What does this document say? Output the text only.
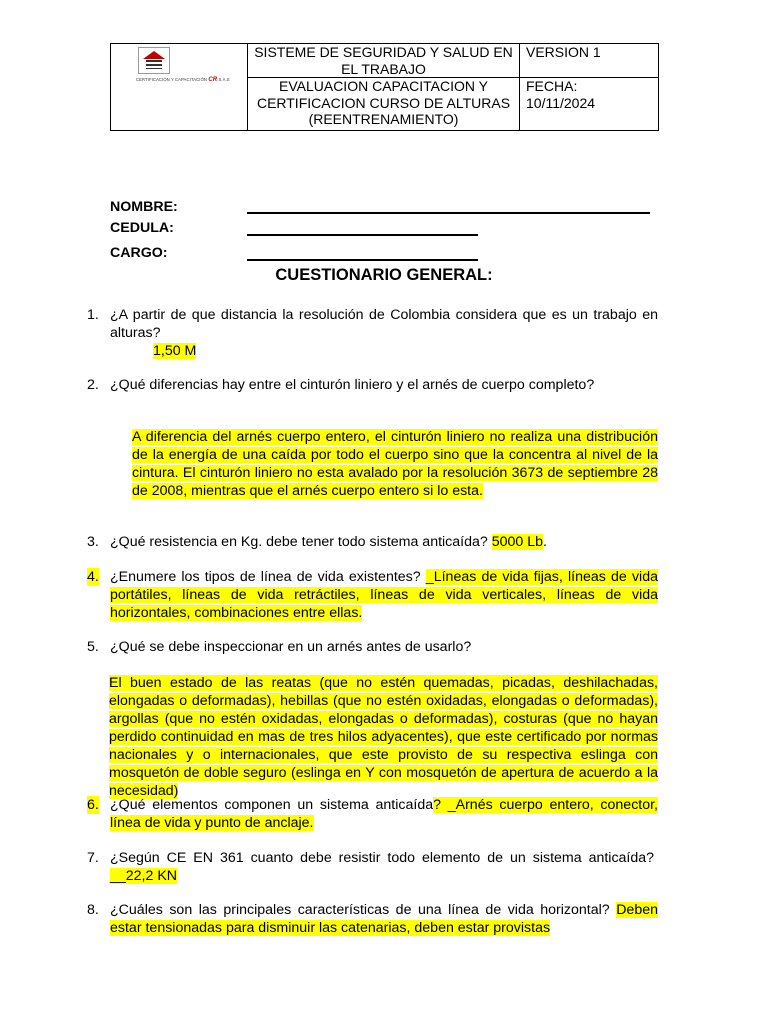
CERTIFICACIÓN Y CAPACITACIÓN CR S.A.S	SISTEME DE SEGURIDAD Y SALUD EN EL TRABAJO	VERSION 1
	EVALUACION CAPACITACION Y CERTIFICACION CURSO DE ALTURAS (REENTRENAMIENTO)	FECHA:
10/11/2024
NOMBRE:
CEDULA:
CARGO:
CUESTIONARIO GENERAL:
1. ¿A partir de que distancia la resolución de Colombia considera que es un trabajo en alturas?
1,50 M
2. ¿Qué diferencias hay entre el cinturón liniero y el arnés de cuerpo completo?
A diferencia del arnés cuerpo entero, el cinturón liniero no realiza una distribución de la energía de una caída por todo el cuerpo sino que la concentra al nivel de la cintura. El cinturón liniero no esta avalado por la resolución 3673 de septiembre 28 de 2008, mientras que el arnés cuerpo entero si lo esta.
3. ¿Qué resistencia en Kg. debe tener todo sistema anticaída? 5000 Lb.
4. ¿Enumere los tipos de línea de vida existentes? _Líneas de vida fijas, líneas de vida portátiles, líneas de vida retráctiles, líneas de vida verticales, líneas de vida horizontales, combinaciones entre ellas.
5. ¿Qué se debe inspeccionar en un arnés antes de usarlo?
El buen estado de las reatas (que no estén quemadas, picadas, deshilachadas, elongadas o deformadas), hebillas (que no estén oxidadas, elongadas o deformadas), argollas (que no estén oxidadas, elongadas o deformadas), costuras (que no hayan perdido continuidad en mas de tres hilos adyacentes), que este certificado por normas nacionales y o internacionales, que este provisto de su respectiva eslinga con mosquetón de doble seguro (eslinga en Y con mosquetón de apertura de acuerdo a la necesidad)
6. ¿Qué elementos componen un sistema anticaída? _Arnés cuerpo entero, conector, línea de vida y punto de anclaje.
7. ¿Según CE EN 361 cuanto debe resistir todo elemento de un sistema anticaída?  __22,2 KN
8. ¿Cuáles son las principales características de una línea de vida horizontal? Deben estar tensionadas para disminuir las catenarias, deben estar provistas
